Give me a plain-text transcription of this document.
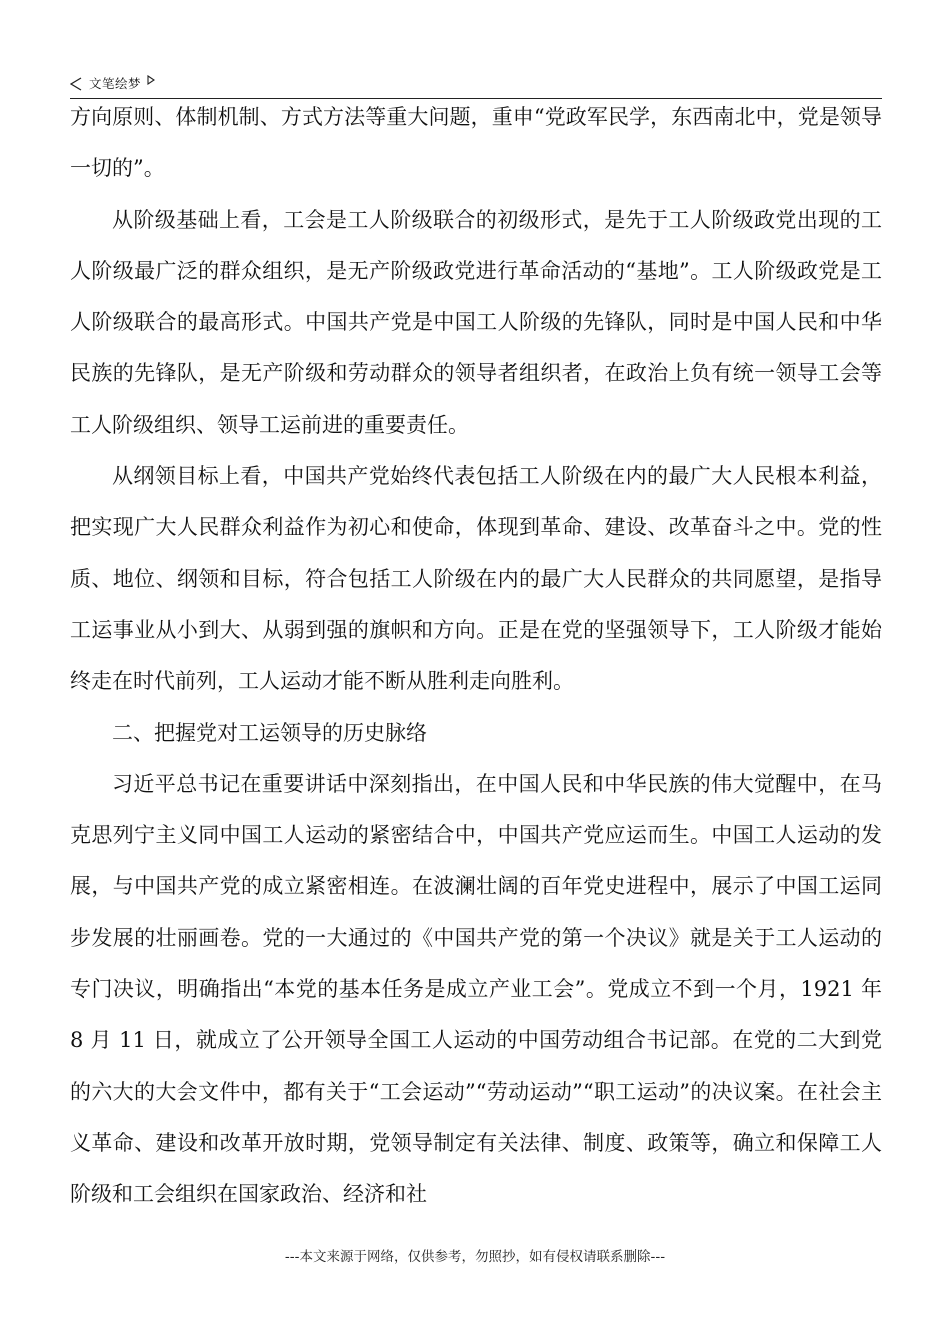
文笔绘梦

方向原则、体制机制、方式方法等重大问题，重申“党政军民学，东西南北中，党是领导一切的”。

从阶级基础上看，工会是工人阶级联合的初级形式，是先于工人阶级政党出现的工人阶级最广泛的群众组织，是无产阶级政党进行革命活动的“基地”。工人阶级政党是工人阶级联合的最高形式。中国共产党是中国工人阶级的先锋队，同时是中国人民和中华民族的先锋队，是无产阶级和劳动群众的领导者组织者，在政治上负有统一领导工会等工人阶级组织、领导工运前进的重要责任。

从纲领目标上看，中国共产党始终代表包括工人阶级在内的最广大人民根本利益，把实现广大人民群众利益作为初心和使命，体现到革命、建设、改革奋斗之中。党的性质、地位、纲领和目标，符合包括工人阶级在内的最广大人民群众的共同愿望，是指导工运事业从小到大、从弱到强的旗帜和方向。正是在党的坚强领导下，工人阶级才能始终走在时代前列，工人运动才能不断从胜利走向胜利。

二、把握党对工运领导的历史脉络

习近平总书记在重要讲话中深刻指出，在中国人民和中华民族的伟大觉醒中，在马克思列宁主义同中国工人运动的紧密结合中，中国共产党应运而生。中国工人运动的发展，与中国共产党的成立紧密相连。在波澜壮阔的百年党史进程中，展示了中国工运同步发展的壮丽画卷。党的一大通过的《中国共产党的第一个决议》就是关于工人运动的专门决议，明确指出“本党的基本任务是成立产业工会”。党成立不到一个月，1921 年 8 月 11 日，就成立了公开领导全国工人运动的中国劳动组合书记部。在党的二大到党的六大的大会文件中，都有关于“工会运动”“劳动运动”“职工运动”的决议案。在社会主义革命、建设和改革开放时期，党领导制定有关法律、制度、政策等，确立和保障工人阶级和工会组织在国家政治、经济和社

---本文来源于网络，仅供参考，勿照抄，如有侵权请联系删除---
